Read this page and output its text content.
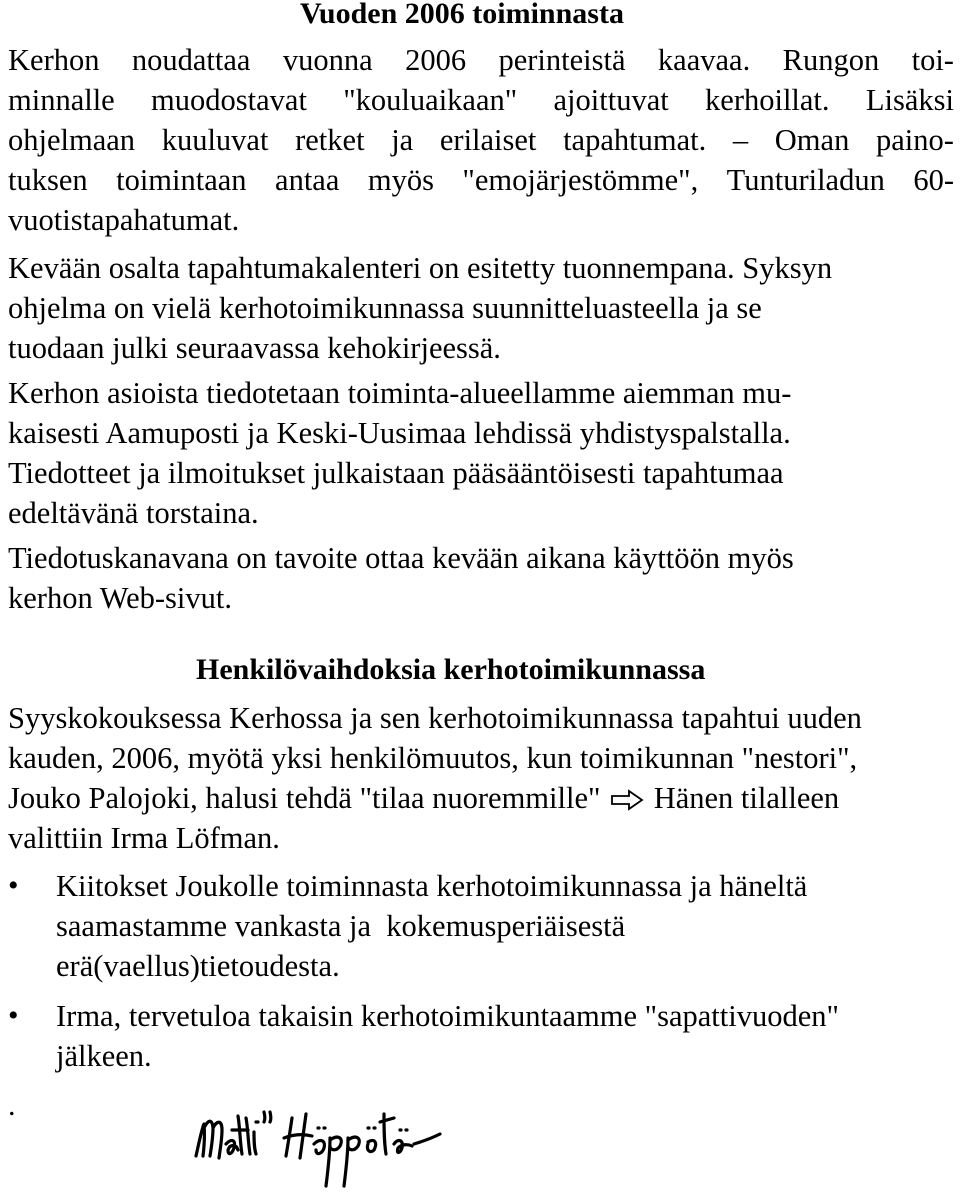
Vuoden 2006 toiminnasta
Kerhon noudattaa vuonna 2006 perinteistä kaavaa. Rungon toi-
minnalle muodostavat "kouluaikaan" ajoittuvat kerhoillat. Lisäksi
ohjelmaan kuuluvat retket ja erilaiset tapahtumat. – Oman paino-
tuksen toimintaan antaa myös "emojärjestömme", Tunturiladun 60-
vuotistapahatumat.
Kevään osalta tapahtumakalenteri on esitetty tuonnempana. Syksyn
ohjelma on vielä kerhotoimikunnassa suunnitteluasteella ja se
tuodaan julki seuraavassa kehokirjeessä.
Kerhon asioista tiedotetaan toiminta-alueellamme aiemman mu-
kaisesti Aamuposti ja Keski-Uusimaa lehdissä yhdistyspalstalla.
Tiedotteet ja ilmoitukset julkaistaan pääsääntöisesti tapahtumaa
edeltävänä torstaina.
Tiedotuskanavana on tavoite ottaa kevään aikana käyttöön myös
kerhon Web-sivut.
Henkilövaihdoksia kerhotoimikunnassa
Syyskokouksessa Kerhossa ja sen kerhotoimikunnassa tapahtui uuden
kauden, 2006, myötä yksi henkilömuutos, kun toimikunnan "nestori",
Jouko Palojoki, halusi tehdä "tilaa nuoremmille" Hänen tilalleen
valittiin Irma Löfman.
• Kiitokset Joukolle toiminnasta kerhotoimikunnassa ja häneltä
saamastamme vankasta ja  kokemusperiäisestä
erä(vaellus)tietoudesta.
• Irma, tervetuloa takaisin kerhotoimikuntaamme "sapattivuoden"
jälkeen.
.
